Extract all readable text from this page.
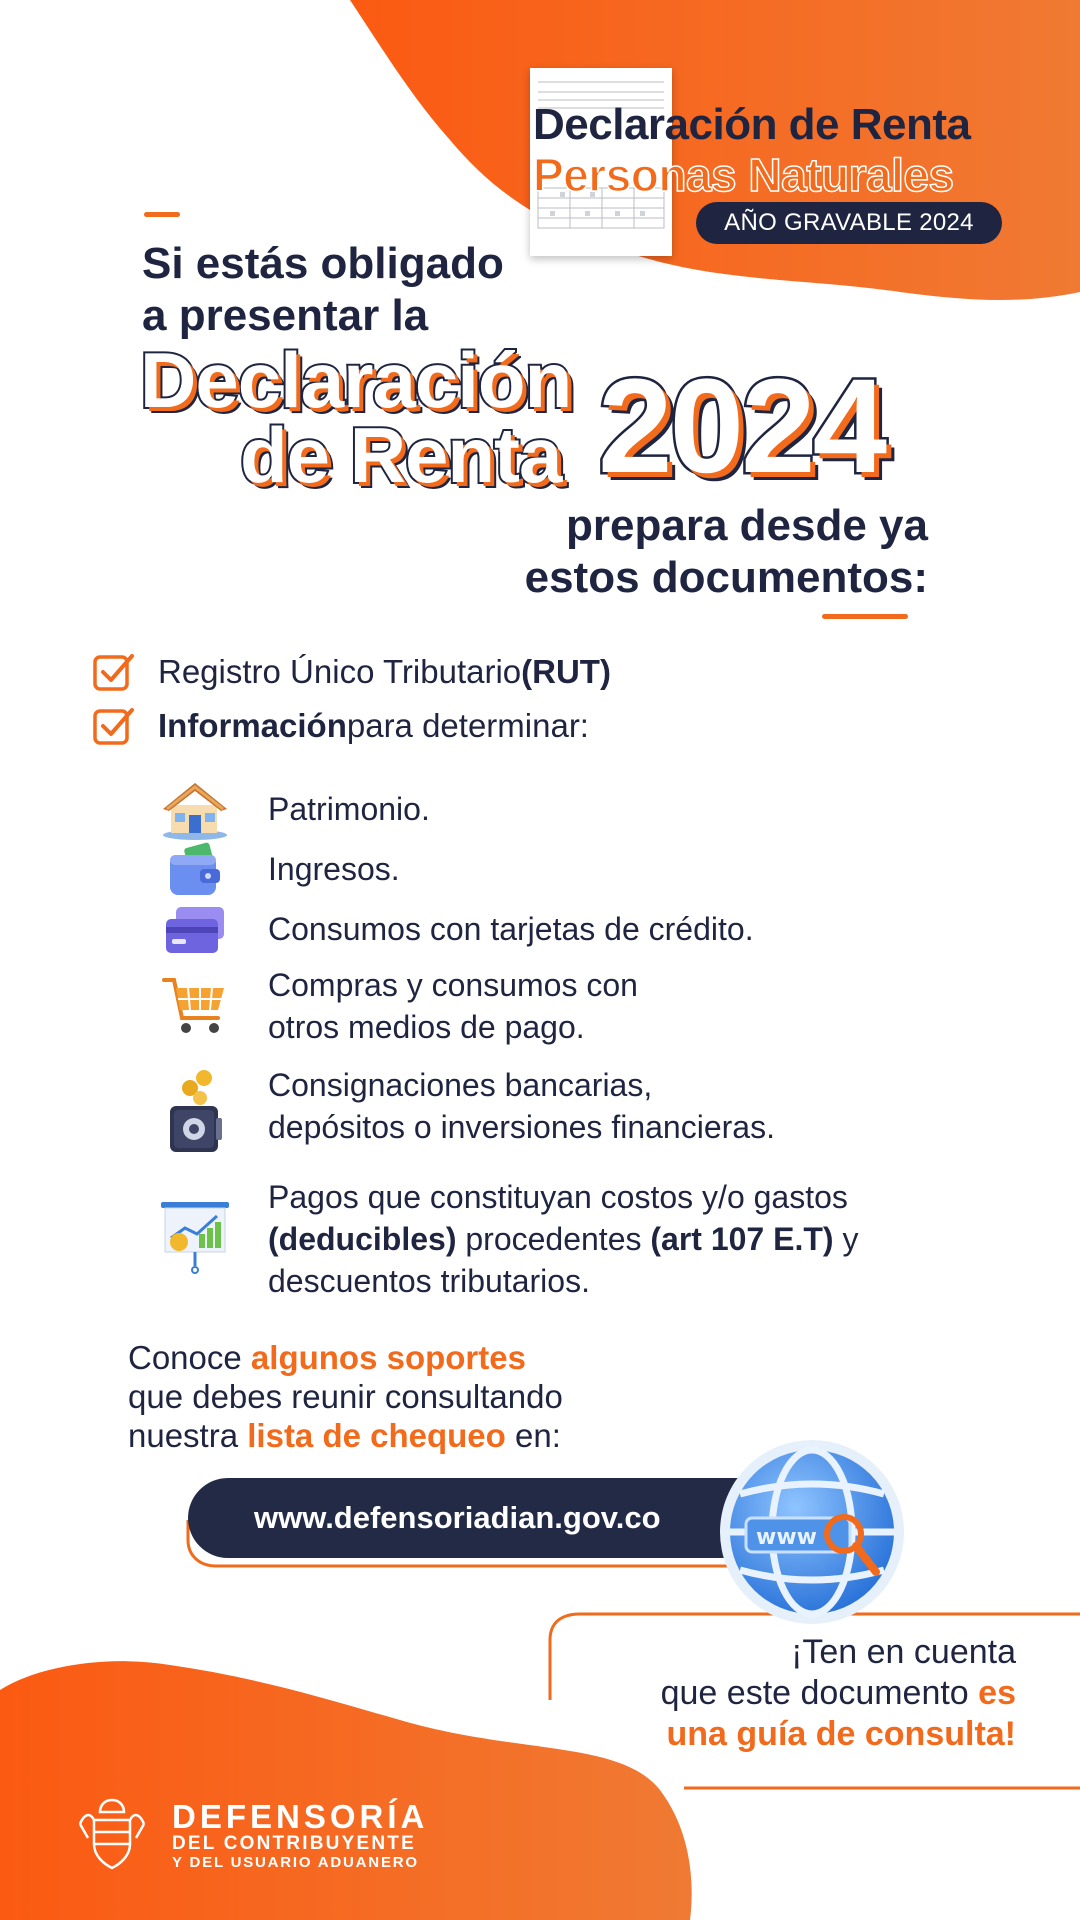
Declaración de Renta
Personas Naturales
AÑO GRAVABLE 2024
Si estás obligado
a presentar la
Declaración
de Renta 2024
prepara desde ya
estos documentos:
Registro Único Tributario (RUT)
Información para determinar:
Patrimonio.
Ingresos.
Consumos con tarjetas de crédito.
Compras y consumos con
otros medios de pago.
Consignaciones bancarias,
depósitos o inversiones financieras.
Pagos que constituyan costos y/o gastos
(deducibles) procedentes (art 107 E.T) y
descuentos tributarios.
Conoce algunos soportes
que debes reunir consultando
nuestra lista de chequeo en:
www.defensoriadian.gov.co
www
¡Ten en cuenta
que este documento es
una guía de consulta!
DEFENSORÍA
DEL CONTRIBUYENTE
Y DEL USUARIO ADUANERO
